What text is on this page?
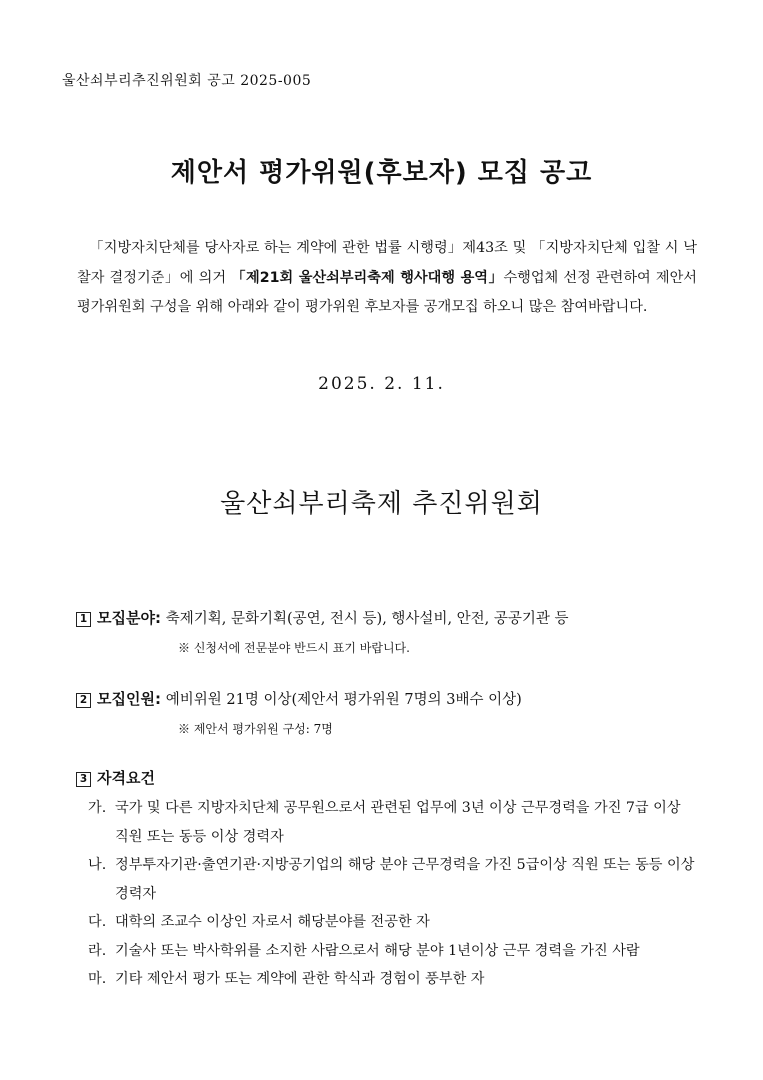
울산쇠부리추진위원회 공고 2025-005
제안서 평가위원(후보자) 모집 공고
「지방자치단체를 당사자로 하는 계약에 관한 법률 시행령」제43조 및 「지방자치단체 입찰 시 낙찰자 결정기준」에 의거 「제21회 울산쇠부리축제 행사대행 용역」수행업체 선정 관련하여 제안서 평가위원회 구성을 위해 아래와 같이 평가위원 후보자를 공개모집 하오니 많은 참여바랍니다.
2025. 2. 11.
울산쇠부리축제 추진위원회
1 모집분야: 축제기획, 문화기획(공연, 전시 등), 행사설비, 안전, 공공기관 등
※ 신청서에 전문분야 반드시 표기 바랍니다.
2 모집인원: 예비위원 21명 이상(제안서 평가위원 7명의 3배수 이상)
※ 제안서 평가위원 구성: 7명
3 자격요건
가. 국가 및 다른 지방자치단체 공무원으로서 관련된 업무에 3년 이상 근무경력을 가진 7급 이상 직원 또는 동등 이상 경력자
나. 정부투자기관·출연기관·지방공기업의 해당 분야 근무경력을 가진 5급이상 직원 또는 동등 이상 경력자
다. 대학의 조교수 이상인 자로서 해당분야를 전공한 자
라. 기술사 또는 박사학위를 소지한 사람으로서 해당 분야 1년이상 근무 경력을 가진 사람
마. 기타 제안서 평가 또는 계약에 관한 학식과 경험이 풍부한 자
